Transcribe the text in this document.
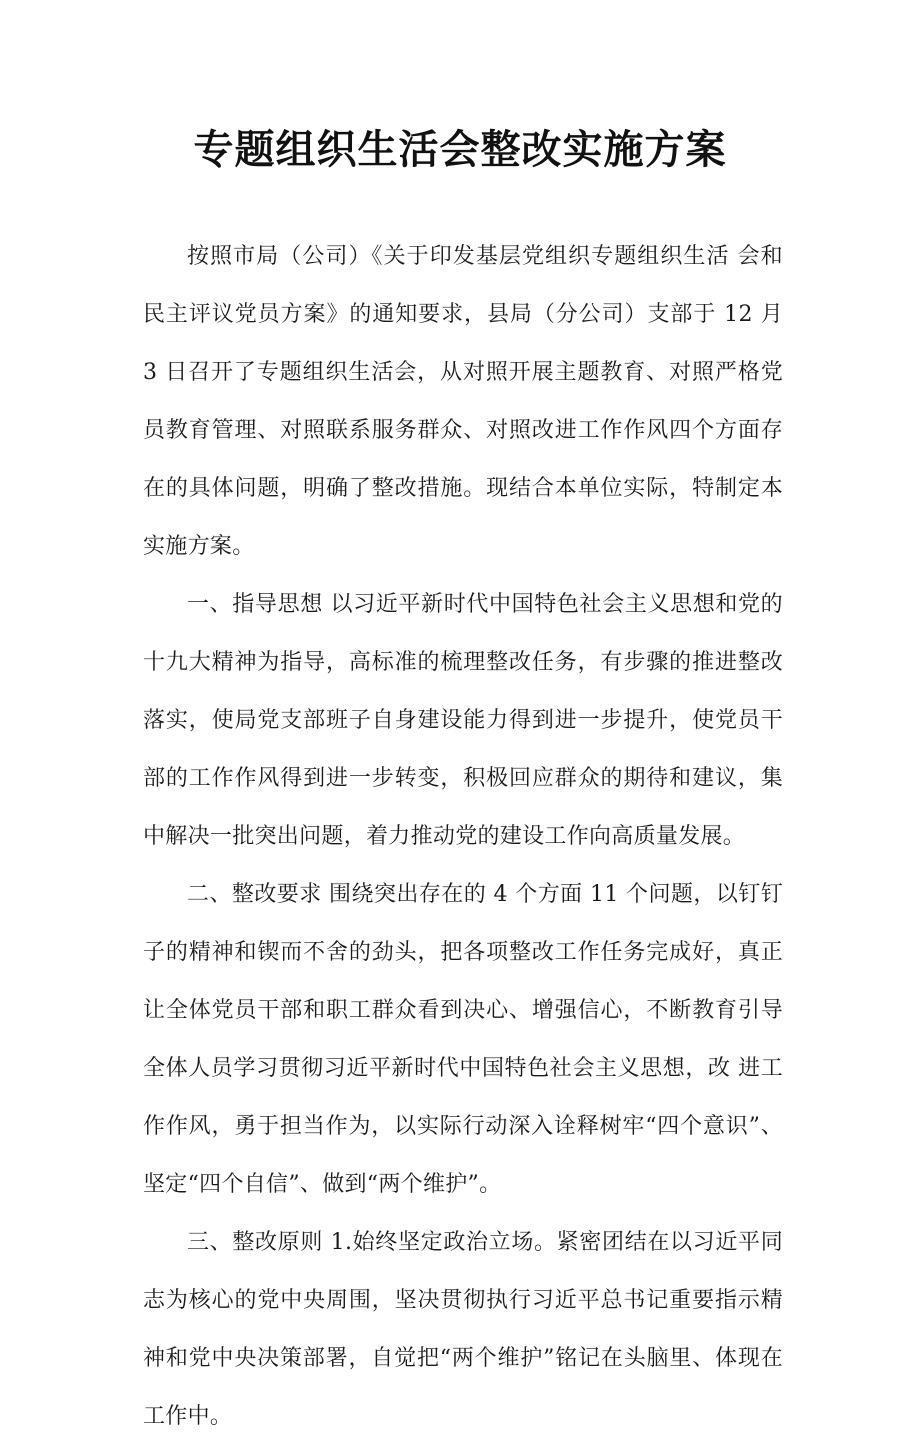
专题组织生活会整改实施方案

按照市局（公司）《关于印发基层党组织专题组织生活 会和民主评议党员方案》的通知要求，县局（分公司）支部于 12 月 3 日召开了专题组织生活会，从对照开展主题教育、对照严格党员教育管理、对照联系服务群众、对照改进工作作风四个方面存在的具体问题，明确了整改措施。现结合本单位实际，特制定本实施方案。

一、指导思想 以习近平新时代中国特色社会主义思想和党的十九大精神为指导，高标准的梳理整改任务，有步骤的推进整改落实，使局党支部班子自身建设能力得到进一步提升，使党员干部的工作作风得到进一步转变，积极回应群众的期待和建议，集中解决一批突出问题，着力推动党的建设工作向高质量发展。

二、整改要求 围绕突出存在的 4 个方面 11 个问题，以钉钉子的精神和锲而不舍的劲头，把各项整改工作任务完成好，真正让全体党员干部和职工群众看到决心、增强信心，不断教育引导全体人员学习贯彻习近平新时代中国特色社会主义思想，改 进工作作风，勇于担当作为，以实际行动深入诠释树牢“四个意识”、坚定“四个自信”、做到“两个维护”。

三、整改原则 1.始终坚定政治立场。紧密团结在以习近平同志为核心的党中央周围，坚决贯彻执行习近平总书记重要指示精神和党中央决策部署，自觉把“两个维护”铭记在头脑里、体现在工作中。
